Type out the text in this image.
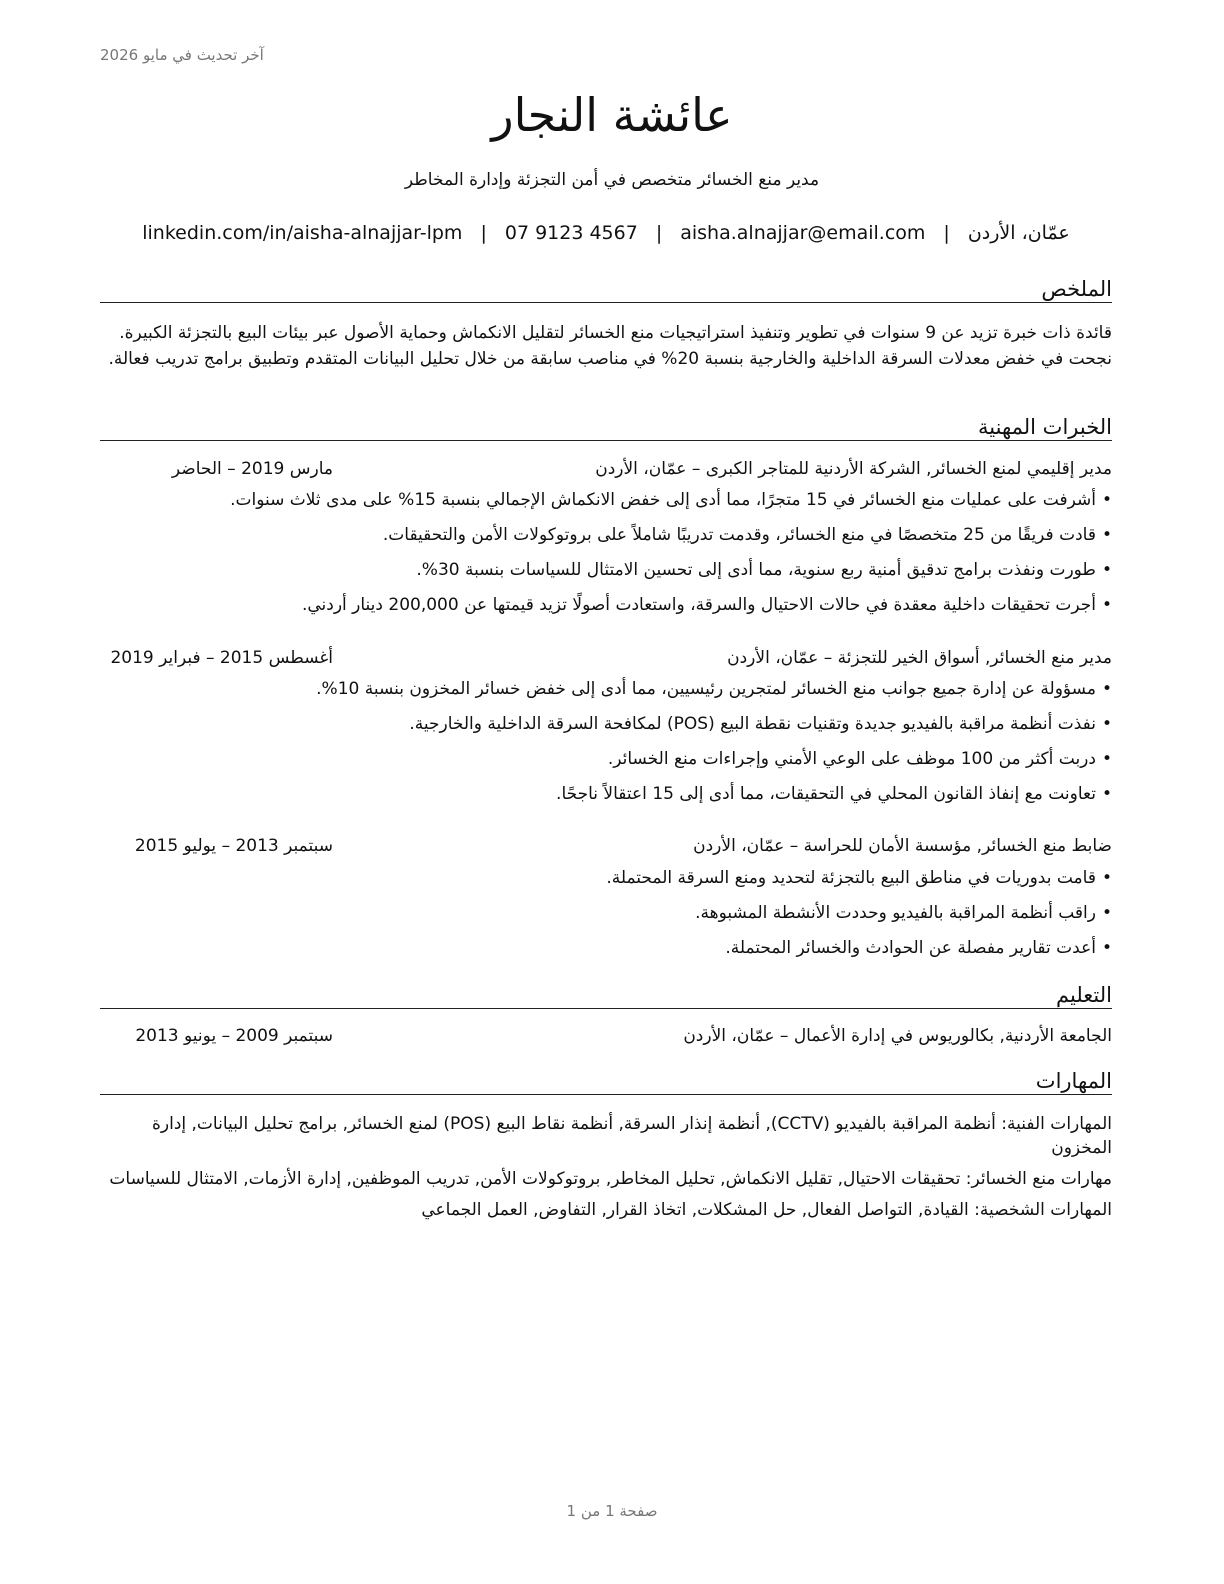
آخر تحديث في مايو 2026
عائشة النجار
مدير منع الخسائر متخصص في أمن التجزئة وإدارة المخاطر
عمّان، الأردن
|
aisha.alnajjar@email.com
|
07 9123 4567
|
linkedin.com/in/aisha-alnajjar-lpm
الملخص
قائدة ذات خبرة تزيد عن 9 سنوات في تطوير وتنفيذ استراتيجيات منع الخسائر لتقليل الانكماش وحماية الأصول عبر بيئات البيع بالتجزئة الكبيرة. نجحت في خفض معدلات السرقة الداخلية والخارجية بنسبة 20% في مناصب سابقة من خلال تحليل البيانات المتقدم وتطبيق برامج تدريب فعالة.
الخبرات المهنية
مدير إقليمي لمنع الخسائر, الشركة الأردنية للمتاجر الكبرى – عمّان، الأردن
مارس 2019 – الحاضر
•أشرفت على عمليات منع الخسائر في 15 متجرًا، مما أدى إلى خفض الانكماش الإجمالي بنسبة 15% على مدى ثلاث سنوات.
•قادت فريقًا من 25 متخصصًا في منع الخسائر، وقدمت تدريبًا شاملاً على بروتوكولات الأمن والتحقيقات.
•طورت ونفذت برامج تدقيق أمنية ربع سنوية، مما أدى إلى تحسين الامتثال للسياسات بنسبة 30%.
•أجرت تحقيقات داخلية معقدة في حالات الاحتيال والسرقة، واستعادت أصولًا تزيد قيمتها عن 200,000 دينار أردني.
مدير منع الخسائر, أسواق الخير للتجزئة – عمّان، الأردن
أغسطس 2015 – فبراير 2019
•مسؤولة عن إدارة جميع جوانب منع الخسائر لمتجرين رئيسيين، مما أدى إلى خفض خسائر المخزون بنسبة 10%.
•نفذت أنظمة مراقبة بالفيديو جديدة وتقنيات نقطة البيع (POS) لمكافحة السرقة الداخلية والخارجية.
•دربت أكثر من 100 موظف على الوعي الأمني وإجراءات منع الخسائر.
•تعاونت مع إنفاذ القانون المحلي في التحقيقات، مما أدى إلى 15 اعتقالاً ناجحًا.
ضابط منع الخسائر, مؤسسة الأمان للحراسة – عمّان، الأردن
سبتمبر 2013 – يوليو 2015
•قامت بدوريات في مناطق البيع بالتجزئة لتحديد ومنع السرقة المحتملة.
•راقب أنظمة المراقبة بالفيديو وحددت الأنشطة المشبوهة.
•أعدت تقارير مفصلة عن الحوادث والخسائر المحتملة.
التعليم
الجامعة الأردنية, بكالوريوس في إدارة الأعمال – عمّان، الأردن
سبتمبر 2009 – يونيو 2013
المهارات
المهارات الفنية: أنظمة المراقبة بالفيديو (CCTV), أنظمة إنذار السرقة, أنظمة نقاط البيع (POS) لمنع الخسائر, برامج تحليل البيانات, إدارة المخزون
مهارات منع الخسائر: تحقيقات الاحتيال, تقليل الانكماش, تحليل المخاطر, بروتوكولات الأمن, تدريب الموظفين, إدارة الأزمات, الامتثال للسياسات
المهارات الشخصية: القيادة, التواصل الفعال, حل المشكلات, اتخاذ القرار, التفاوض, العمل الجماعي
صفحة 1 من 1
